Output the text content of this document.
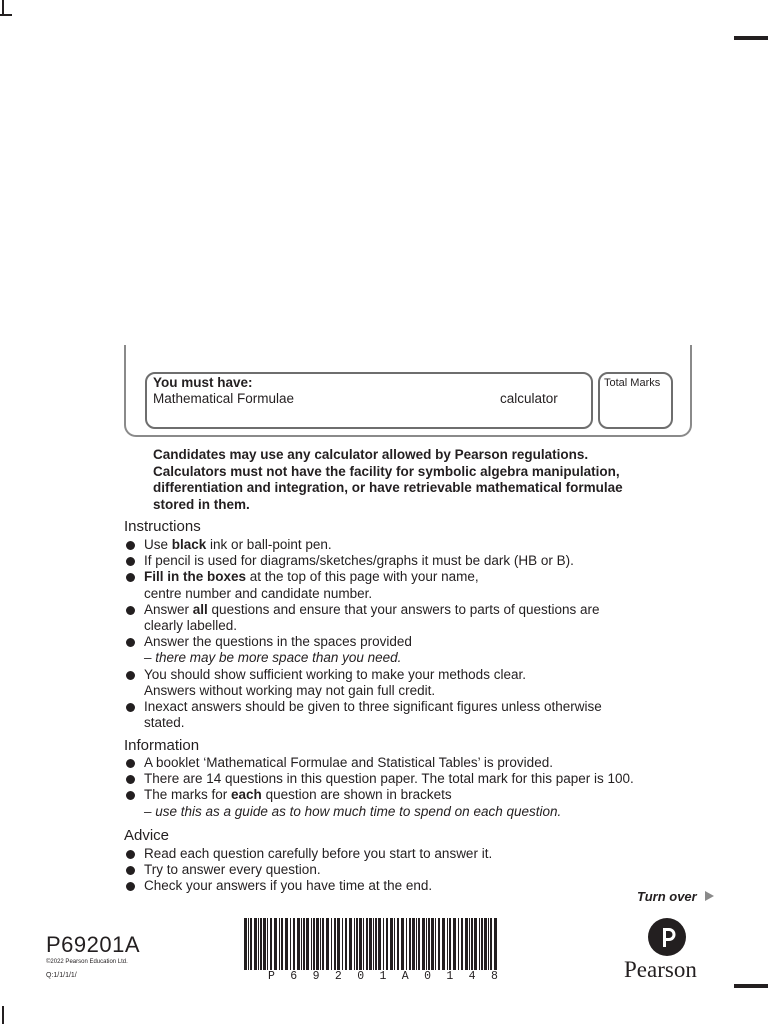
You must have:
Mathematical Formulae	calculator
Total Marks

Candidates may use any calculator allowed by Pearson regulations.

Calculators must not have the facility for symbolic algebra manipulation,

differentiation and integration, or have retrievable mathematical formulae

stored in them.

Instructions
Use black ink or ball-point pen.
If pencil is used for diagrams/sketches/graphs it must be dark (HB or B).
Fill in the boxes at the top of this page with your name,
centre number and candidate number.
Answer all questions and ensure that your answers to parts of questions are
clearly labelled.
Answer the questions in the spaces provided
– there may be more space than you need.
You should show sufficient working to make your methods clear.
Answers without working may not gain full credit.
Inexact answers should be given to three significant figures unless otherwise
stated.
Information
A booklet ‘Mathematical Formulae and Statistical Tables’ is provided.
There are 14 questions in this question paper. The total mark for this paper is 100.
The marks for each question are shown in brackets
– use this as a guide as to how much time to spend on each question.
Advice
Read each question carefully before you start to answer it.
Try to answer every question.
Check your answers if you have time at the end.
Turn over
P69201A
©2022 Pearson Education Ltd.
Q:1/1/1/1/	P 6 9 2 0 1 A 0 1 4 8	Pearson
